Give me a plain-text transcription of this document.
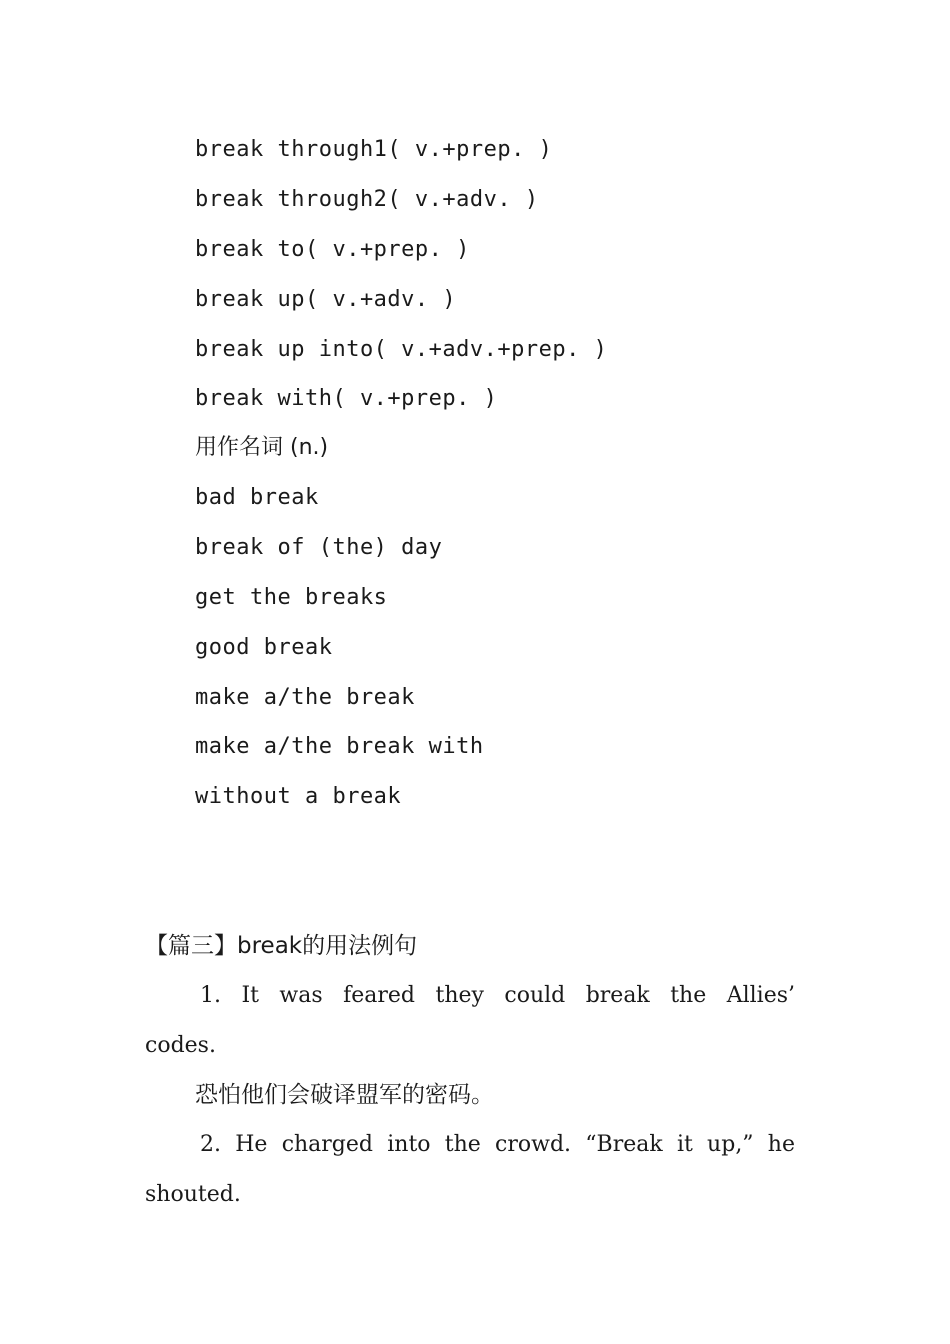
break through1( v.+prep. )
break through2( v.+adv. )
break to( v.+prep. )
break up( v.+adv. )
break up into( v.+adv.+prep. )
break with( v.+prep. )
用作名词 (n.)
bad break
break of (the) day
get the breaks
good break
make a/the break
make a/the break with
without a break
【篇三】break的用法例句
1. It was feared they could break the Allies’ codes.
恐怕他们会破译盟军的密码。
2. He charged into the crowd. “Break it up,” he shouted.
